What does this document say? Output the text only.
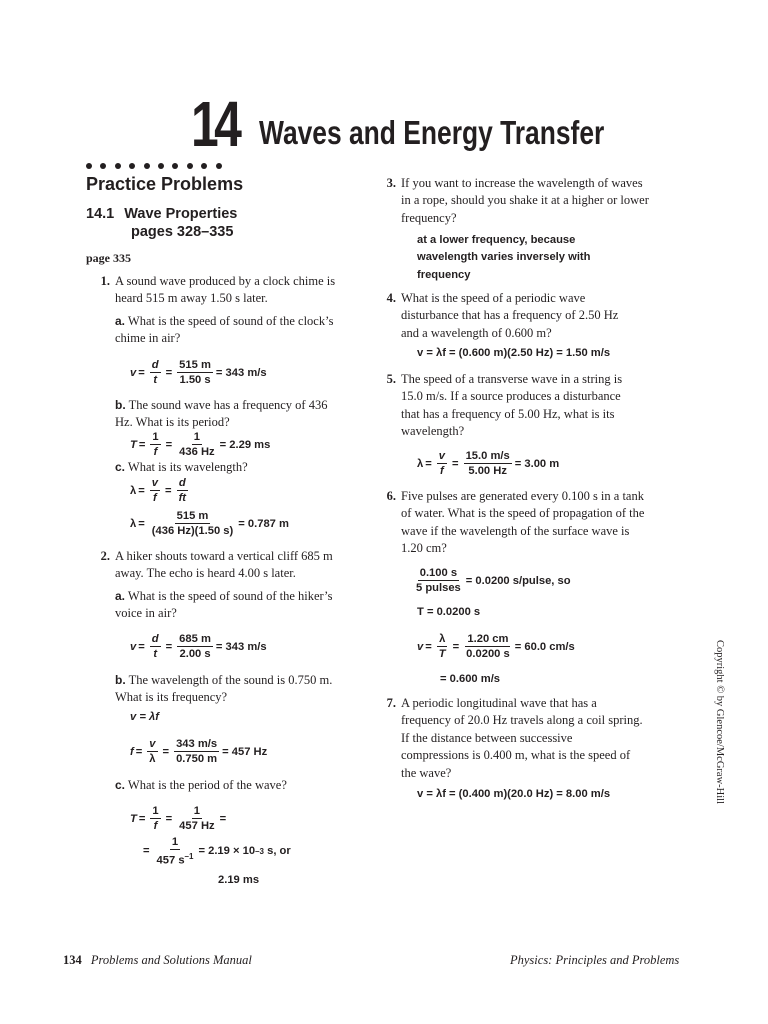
14 Waves and Energy Transfer
Practice Problems
14.1 Wave Properties
pages 328–335
page 335
1. A sound wave produced by a clock chime is heard 515 m away 1.50 s later.
a. What is the speed of sound of the clock’s chime in air?
$v = \frac{d}{t} = \frac{515 m}{1.50 s} = 343$ m/s
b. The sound wave has a frequency of 436 Hz. What is its period?
$T = \frac{1}{f} = \frac{1}{436 Hz} = 2.29$ ms
c. What is its wavelength?
$\lambda = \frac{v}{f} = \frac{d}{ft}$
$\lambda = \frac{515 m}{(436 Hz)(1.50 s)} = 0.787$ m
2. A hiker shouts toward a vertical cliff 685 m away. The echo is heard 4.00 s later.
a. What is the speed of sound of the hiker’s voice in air?
$v = \frac{d}{t} = \frac{685 m}{2.00 s} = 343$ m/s
b. The wavelength of the sound is 0.750 m. What is its frequency?
v = λf
$f = \frac{v}{\lambda} = \frac{343 m/s}{0.750 m} = 457$ Hz
c. What is the period of the wave?
$T = \frac{1}{f} = \frac{1}{457 Hz}$ =
= $\frac{1}{457 s^{-1}} = 2.19 \times 10$ –3 s, or
2.19 ms
3. If you want to increase the wavelength of waves in a rope, should you shake it at a higher or lower frequency?
at a lower frequency, because wavelength varies inversely with frequency
4. What is the speed of a periodic wave disturbance that has a frequency of 2.50 Hz and a wavelength of 0.600 m?
v = λf = (0.600 m)(2.50 Hz) = 1.50 m/s
5. The speed of a transverse wave in a string is 15.0 m/s. If a source produces a disturbance that has a frequency of 5.00 Hz, what is its wavelength?
$\lambda = \frac{v}{f} = \frac{15.0 m/s}{5.00 Hz} = 3.00$ m
6. Five pulses are generated every 0.100 s in a tank of water. What is the speed of propagation of the wave if the wavelength of the surface wave is 1.20 cm?
$\frac{0.100 s}{\text{5 pulses}} = 0.0200$ s/pulse, so
T = 0.0200 s
$v = \frac{\lambda}{T} = \frac{1.20 cm}{0.0200 s} = 60.0$ cm/s
= 0.600 m/s
7. A periodic longitudinal wave that has a frequency of 20.0 Hz travels along a coil spring. If the distance between successive compressions is 0.400 m, what is the speed of the wave?
v = λf = (0.400 m)(20.0 Hz) = 8.00 m/s	Copyright © by Glencoe/McGraw-Hill
134 Problems and Solutions Manual	Physics: Principles and Problems
